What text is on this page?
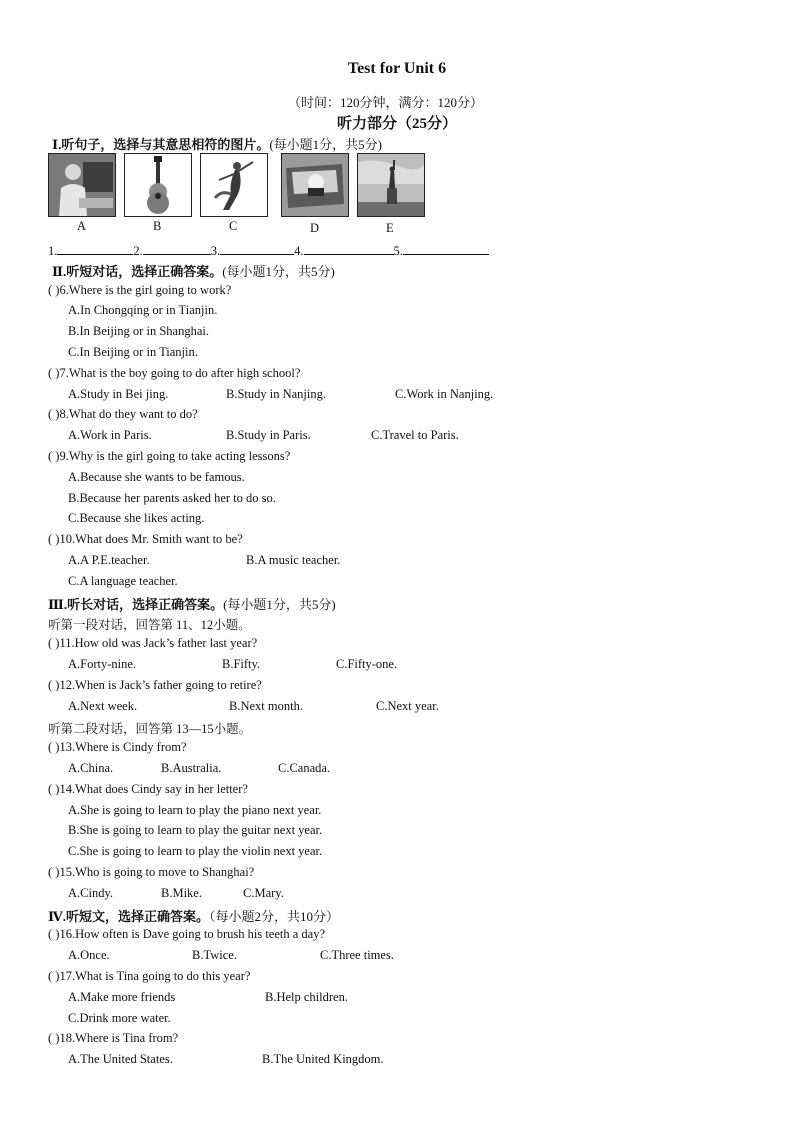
Test for Unit 6
（时间：120分钟，满分：120分）
听力部分（25分）
Ⅰ.听句子，选择与其意思相符的图片。(每小题1分，共5分)
A	B	C	D	E
1.	2.	3.	4.	5.
Ⅱ.听短对话，选择正确答案。(每小题1分，共5分)
( )6.Where is the girl going to work?
A.In Chongqing or in Tianjin.
B.In Beijing or in Shanghai.
C.In Beijing or in Tianjin.
( )7.What is the boy going to do after high school?
A.Study in Bei jing.	B.Study in Nanjing.	C.Work in Nanjing.
( )8.What do they want to do?
A.Work in Paris.	B.Study in Paris.	C.Travel to Paris.
( )9.Why is the girl going to take acting lessons?
A.Because she wants to be famous.
B.Because her parents asked her to do so.
C.Because she likes acting.
( )10.What does Mr. Smith want to be?
A.A P.E.teacher.	B.A music teacher.
C.A language teacher.
Ⅲ.听长对话，选择正确答案。(每小题1分，共5分)
听第一段对话，回答第 11、12小题。
( )11.How old was Jack’s father last year?
A.Forty-nine.	B.Fifty.	C.Fifty-one.
( )12.When is Jack’s father going to retire?
A.Next week.	B.Next month.	C.Next year.
听第二段对话，回答第 13—15小题。
( )13.Where is Cindy from?
A.China.	B.Australia.	C.Canada.
( )14.What does Cindy say in her letter?
A.She is going to learn to play the piano next year.
B.She is going to learn to play the guitar next year.
C.She is going to learn to play the violin next year.
( )15.Who is going to move to Shanghai?
A.Cindy.	B.Mike.	C.Mary.
Ⅳ.听短文，选择正确答案。（每小题2分，共10分）
( )16.How often is Dave going to brush his teeth a day?
A.Once.	B.Twice.	C.Three times.
( )17.What is Tina going to do this year?
A.Make more friends	B.Help children.
C.Drink more water.
( )18.Where is Tina from?
A.The United States.	B.The United Kingdom.
